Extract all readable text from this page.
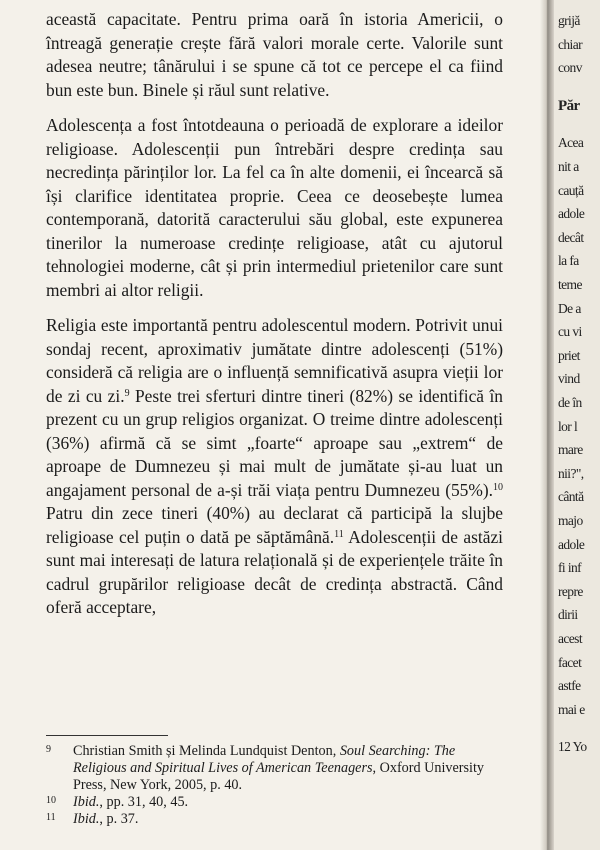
această capacitate. Pentru prima oară în istoria Americii, o întreagă generație crește fără valori morale certe. Valorile sunt adesea neutre; tânărului i se spune că tot ce percepe el ca fiind bun este bun. Binele și răul sunt relative.

Adolescența a fost întotdeauna o perioadă de explorare a ideilor religioase. Adolescenții pun întrebări despre credința sau necredința părinților lor. La fel ca în alte domenii, ei încearcă să își clarifice identitatea proprie. Ceea ce deosebește lumea contemporană, datorită caracterului său global, este expunerea tinerilor la numeroase credințe religioase, atât cu ajutorul tehnologiei moderne, cât și prin intermediul prietenilor care sunt membri ai altor religii.

Religia este importantă pentru adolescentul modern. Potrivit unui sondaj recent, aproximativ jumătate dintre adolescenți (51%) consideră că religia are o influență semnificativă asupra vieții lor de zi cu zi.$^9$ Peste trei sferturi dintre tineri (82%) se identifică în prezent cu un grup religios organizat. O treime dintre adolescenți (36%) afirmă că se simt „foarte“ aproape sau „extrem“ de aproape de Dumnezeu și mai mult de jumătate și-au luat un angajament personal de a-și trăi viața pentru Dumnezeu (55%).$^{10}$ Patru din zece tineri (40%) au declarat că participă la slujbe religioase cel puțin o dată pe săptămână.$^{11}$ Adolescenții de astăzi sunt mai interesați de latura relațională și de experiențele trăite în cadrul grupărilor religioase decât de credința abstractă. Când oferă acceptare,

9	Christian Smith și Melinda Lundquist Denton, Soul Searching: The Religious and Spiritual Lives of American Teenagers, Oxford University Press, New York, 2005, p. 40.
10	Ibid., pp. 31, 40, 45.
11	Ibid., p. 37.
grijă
chiar
conv
Păr
Acea
nit a
cauță
adole
decât
la fa
teme
De a
cu vi
priet
vind
de în
lor l
mare
nii?",
cântă
majo
adole
fi inf
repre
dirii
acest
facet
astfe
mai e
12 Yo
